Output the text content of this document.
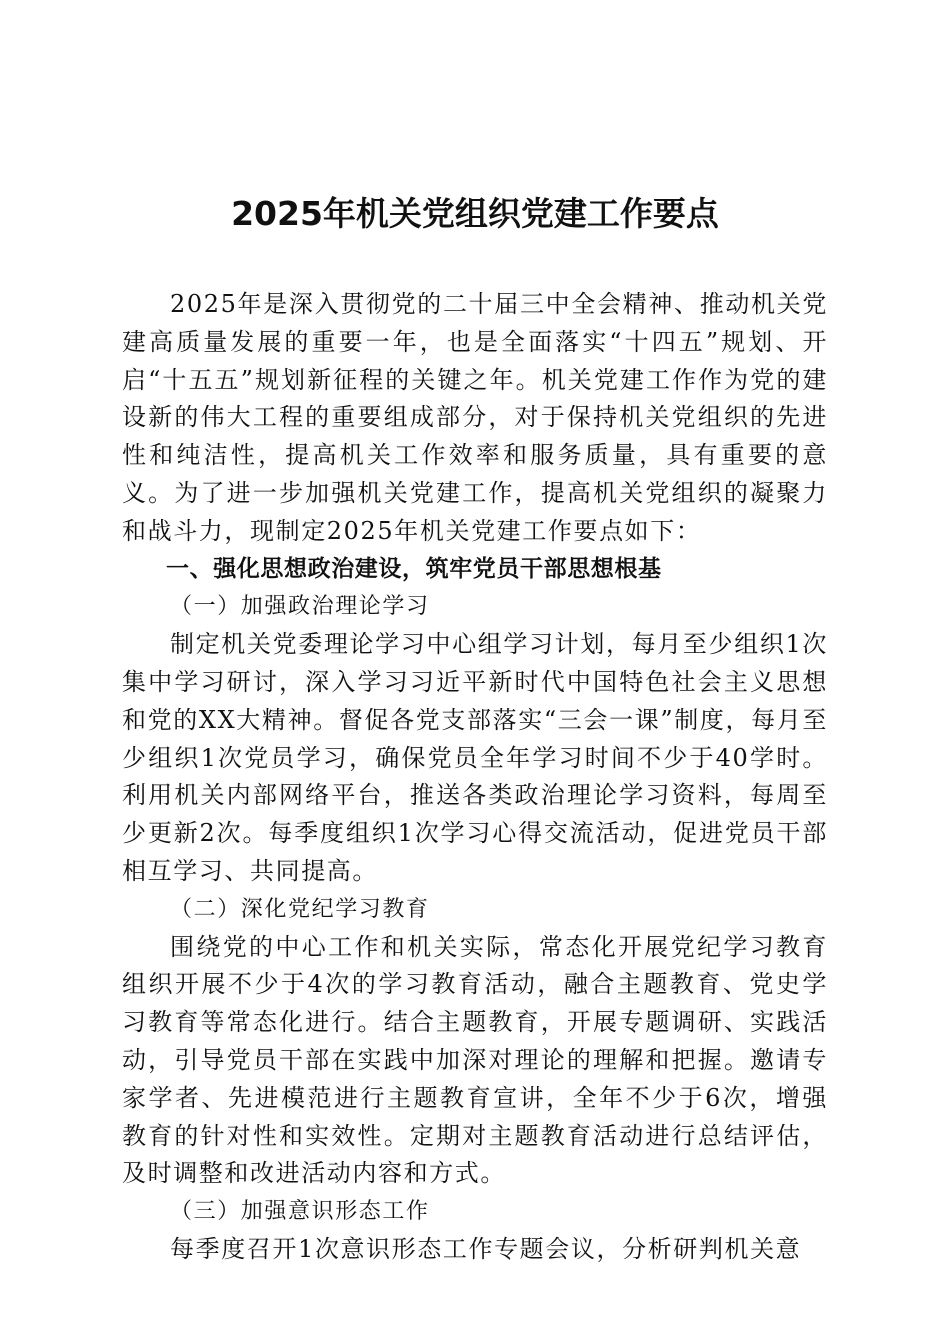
2025年机关党组织党建工作要点

2025年是深入贯彻党的二十届三中全会精神、推动机关党建高质量发展的重要一年，也是全面落实“十四五”规划、开启“十五五”规划新征程的关键之年。机关党建工作作为党的建设新的伟大工程的重要组成部分，对于保持机关党组织的先进性和纯洁性，提高机关工作效率和服务质量，具有重要的意义。为了进一步加强机关党建工作，提高机关党组织的凝聚力和战斗力，现制定2025年机关党建工作要点如下：

一、强化思想政治建设，筑牢党员干部思想根基

（一）加强政治理论学习

制定机关党委理论学习中心组学习计划，每月至少组织1次集中学习研讨，深入学习习近平新时代中国特色社会主义思想和党的XX大精神。督促各党支部落实“三会一课”制度，每月至少组织1次党员学习，确保党员全年学习时间不少于40学时。利用机关内部网络平台，推送各类政治理论学习资料，每周至少更新2次。每季度组织1次学习心得交流活动，促进党员干部相互学习、共同提高。

（二）深化党纪学习教育

围绕党的中心工作和机关实际，常态化开展党纪学习教育组织开展不少于4次的学习教育活动，融合主题教育、党史学习教育等常态化进行。结合主题教育，开展专题调研、实践活动，引导党员干部在实践中加深对理论的理解和把握。邀请专家学者、先进模范进行主题教育宣讲，全年不少于6次，增强教育的针对性和实效性。定期对主题教育活动进行总结评估，及时调整和改进活动内容和方式。

（三）加强意识形态工作

每季度召开1次意识形态工作专题会议，分析研判机关意
